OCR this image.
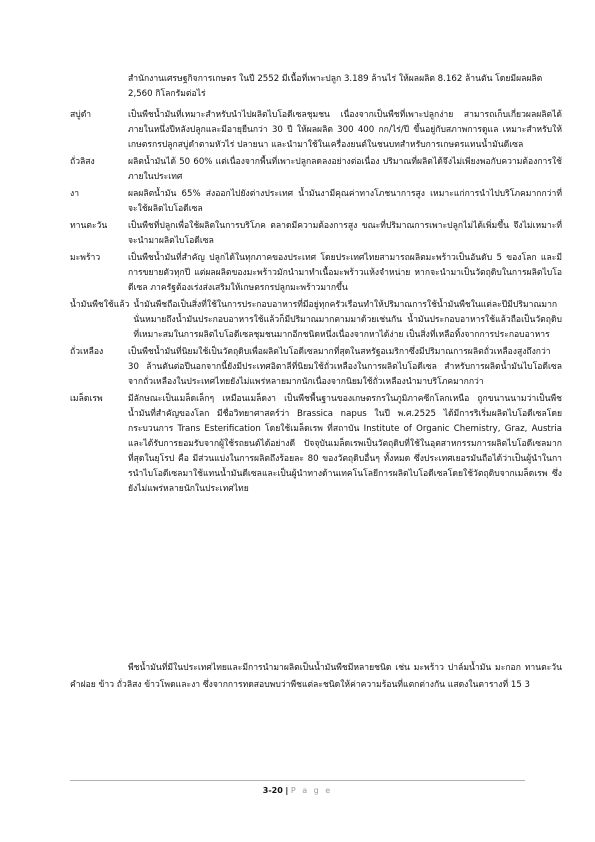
สำนักงานเศรษฐกิจการเกษตร ในปี 2552 มีเนื้อที่เพาะปลูก 3.189 ล้านไร่ ให้ผลผลิต 8.162 ล้านตัน โดยมีผลผลิต 2,560 กิโลกรัมต่อไร่
สบู่ดำ	เป็นพืชน้ำมันที่เหมาะสำหรับนำไปผลิตไบโอดีเซลชุมชน เนื่องจากเป็นพืชที่เพาะปลูกง่าย สามารถเก็บเกี่ยวผลผลิตได้ภายในหนึ่งปีหลังปลูกและมีอายุยืนกว่า 30 ปี ให้ผลผลิต 300 400 กก/ไร่/ปี ขึ้นอยู่กับสภาพการดูแล เหมาะสำหรับให้เกษตรกรปลูกสบู่ดำตามหัวไร่ ปลายนา และนำมาใช้ในเครื่องยนต์ในชนบทสำหรับการเกษตรแทนน้ำมันดีเซล
ถั่วลิสง	ผลิตน้ำมันได้ 50 60% แต่เนื่องจากพื้นที่เพาะปลูกลดลงอย่างต่อเนื่อง ปริมาณที่ผลิตได้จึงไม่เพียงพอกับความต้องการใช้ภายในประเทศ
งา	ผลผลิตน้ำมัน 65% ส่งออกไปยังต่างประเทศ น้ำมันงามีคุณค่าทางโภชนาการสูง เหมาะแก่การนำไปบริโภคมากกว่าที่จะใช้ผลิตไบโอดีเซล
ทานตะวัน	เป็นพืชที่ปลูกเพื่อใช้ผลิตในการบริโภค ตลาดมีความต้องการสูง ขณะที่ปริมาณการเพาะปลูกไม่ได้เพิ่มขึ้น จึงไม่เหมาะที่จะนำมาผลิตไบโอดีเซล
มะพร้าว	เป็นพืชน้ำมันที่สำคัญ ปลูกได้ในทุกภาคของประเทศ โดยประเทศไทยสามารถผลิตมะพร้าวเป็นอันดับ 5 ของโลก และมีการขยายตัวทุกปี แต่ผลผลิตของมะพร้าวมักนำมาทำเนื้อมะพร้าวแห้งจำหน่าย หากจะนำมาเป็นวัตถุดิบในการผลิตไบโอดีเซล ภาครัฐต้องเร่งส่งเสริมให้เกษตรกรปลูกมะพร้าวมากขึ้น
น้ำมันพืชใช้แล้ว น้ำมันพืชถือเป็นสิ่งที่ใช้ในการประกอบอาหารที่มีอยู่ทุกครัวเรือนทำให้ปริมาณการใช้น้ำมันพืชในแต่ละปีมีปริมาณมากนั่นหมายถึงน้ำมันประกอบอาหารใช้แล้วก็มีปริมาณมากตามมาด้วยเช่นกัน น้ำมันประกอบอาหารใช้แล้วถือเป็นวัตถุดิบที่เหมาะสมในการผลิตไบโอดีเซลชุมชนมากอีกชนิดหนึ่งเนื่องจากหาได้ง่าย เป็นสิ่งที่เหลือทิ้งจากการประกอบอาหาร
ถั่วเหลือง	เป็นพืชน้ำมันที่นิยมใช้เป็นวัตถุดิบเพื่อผลิตไบโอดีเซลมากที่สุดในสหรัฐอเมริกาซึ่งมีปริมาณการผลิตถั่วเหลืองสูงถึงกว่า 30 ล้านตันต่อปีนอกจากนี้ยังมีประเทศอิตาลีที่นิยมใช้ถั่วเหลืองในการผลิตไบโอดีเซล สำหรับการผลิตน้ำมันไบโอดีเซลจากถั่วเหลืองในประเทศไทยยังไม่แพร่หลายมากนักเนื่องจากนิยมใช้ถั่วเหลืองนำมาบริโภคมากกว่า
เมล็ดเรพ	มีลักษณะเป็นเมล็ดเล็กๆ เหมือนเมล็ดงา เป็นพืชพื้นฐานของเกษตรกรในภูมิภาคซีกโลกเหนือ ถูกขนานนามว่าเป็นพืชน้ำมันที่สำคัญของโลก มีชื่อวิทยาศาสตร์ว่า Brassica napus ในปี พ.ศ.2525 ได้มีการริเริ่มผลิตไบโอดีเซลโดยกระบวนการ Trans Esterification โดยใช้เมล็ดเรพ ที่สถาบัน Institute of Organic Chemistry, Graz, Austria และได้รับการยอมรับจากผู้ใช้รถยนต์ได้อย่างดี ปัจจุบันเมล็ดเรพเป็นวัตถุดิบที่ใช้ในอุตสาหกรรมการผลิตไบโอดีเซลมากที่สุดในยุโรป คือ มีส่วนแบ่งในการผลิตถึงร้อยละ 80 ของวัตถุดิบอื่นๆ ทั้งหมด ซึ่งประเทศเยอรมันถือได้ว่าเป็นผู้นำในการนำไบโอดีเซลมาใช้แทนน้ำมันดีเซลและเป็นผู้นำทางด้านเทคโนโลยีการผลิตไบโอดีเซลโดยใช้วัตถุดิบจากเมล็ดเรพ ซึ่งยังไม่แพร่หลายนักในประเทศไทย
พืชน้ำมันที่มีในประเทศไทยและมีการนำมาผลิตเป็นน้ำมันพืชมีหลายชนิด เช่น มะพร้าว ปาล์มน้ำมัน มะกอก ทานตะวัน คำฝอย ข้าว ถั่วลิสง ข้าวโพดและงา ซึ่งจากการทดสอบพบว่าพืชแต่ละชนิดให้ค่าความร้อนที่แตกต่างกัน แสดงในตารางที่ 15 3
3-20 | P a g e
